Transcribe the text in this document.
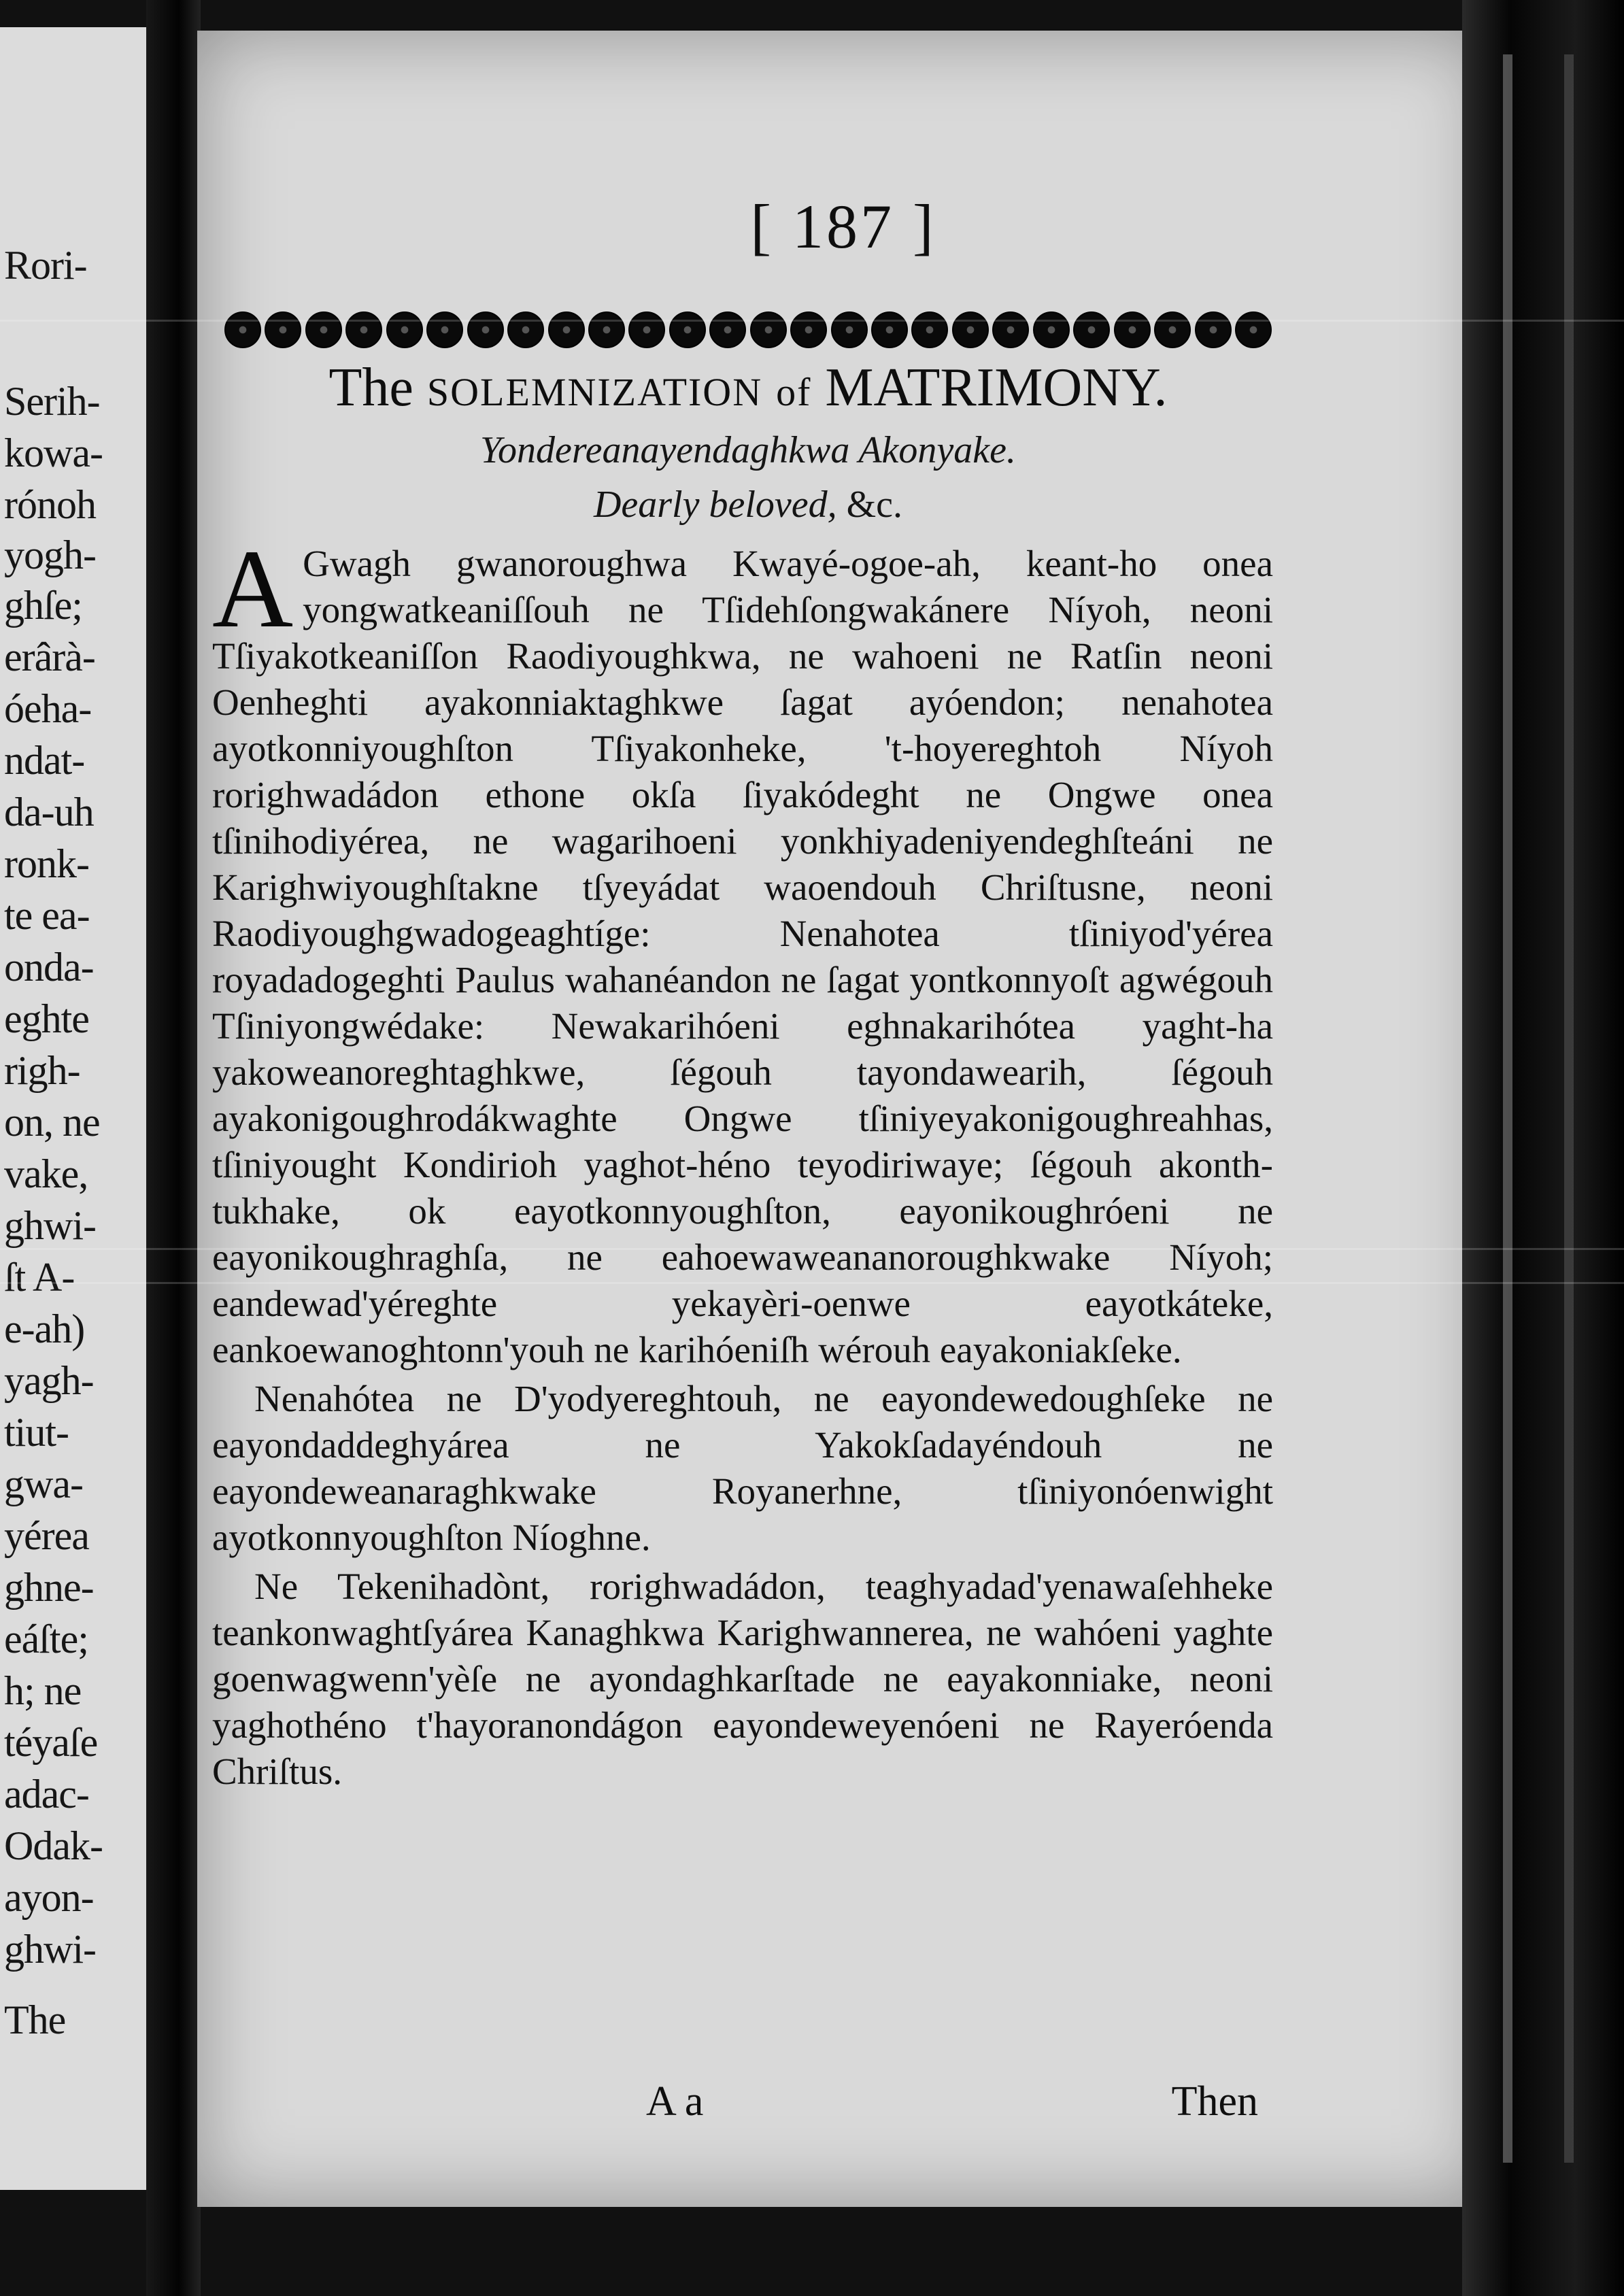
Rori-
Serih-
kowa-
rónoh
yogh-
ghſe;
erârà-
óeha-
ndat-
da-uh
ronk-
te ea-
onda-
eghte
righ-
on, ne
vake,
ghwi-
ſt A-
e-ah)
yagh-
tiut-
gwa-
yérea
ghne-
eáſte;
h; ne
téyaſe
adac-
Odak-
ayon-
ghwi-
The
[ 187 ]
The SOLEMNIZATION of MATRIMONY.
Yondereanayendaghkwa Akonyake.
Dearly beloved, &c.

A Gwagh gwanoroughwa Kwayé-ogoe-ah, keant-ho onea yongwatkeaniſſouh ne Tſidehſongwakánere Níyoh, neoni Tſiyakotkeaniſſon Raodiyoughkwa, ne wahoeni ne Ratſin neoni Oenheghti ayakonniaktaghkwe ſagat ayóendon; nenahotea ayotkonniyoughſton Tſiyakonheke, 't-hoyereghtoh Níyoh rorighwadádon ethone okſa ſiyakódeght ne Ongwe onea tſinihodiyérea, ne wagarihoeni yonkhiyadeniyendeghſteáni ne Karighwiyoughſtakne tſyeyádat waoendouh Chriſtusne, neoni Raodiyoughgwadogeaghtíge: Nenahotea tſiniyod'yérea royadadogeghti Paulus wahanéandon ne ſagat yontkonnyoſt agwégouh Tſiniyongwédake: Newakarihóeni eghnakarihótea yaght-ha yakoweanoreghtaghkwe, ſégouh tayondawearih, ſégouh ayakonigoughrodákwaghte Ongwe tſiniyeyakonigoughreahhas, tſiniyought Kondirioh yaghot-héno teyodiriwaye; ſégouh akonth-tukhake, ok eayotkonnyoughſton, eayonikoughróeni ne eayonikoughraghſa, ne eahoewaweananoroughkwake Níyoh; eandewad'yéreghte yekayèri-oenwe eayotkáteke, eankoewanoghtonn'youh ne karihóeniſh wérouh eayakoniakſeke.

Nenahótea ne D'yodyereghtouh, ne eayondewedoughſeke ne eayondaddeghyárea ne Yakokſadayéndouh ne eayondeweanaraghkwake Royanerhne, tſiniyonóenwight ayotkonnyoughſton Níoghne.

Ne Tekenihadònt, rorighwadádon, teaghyadad'yenawaſehheke teankonwaghtſyárea Kanaghkwa Karighwannerea, ne wahóeni yaghte goenwagwenn'yèſe ne ayondaghkarſtade ne eayakonniake, neoni yaghothéno t'hayoranondágon eayondeweyenóeni ne Rayeróenda Chriſtus.

A a	Then
